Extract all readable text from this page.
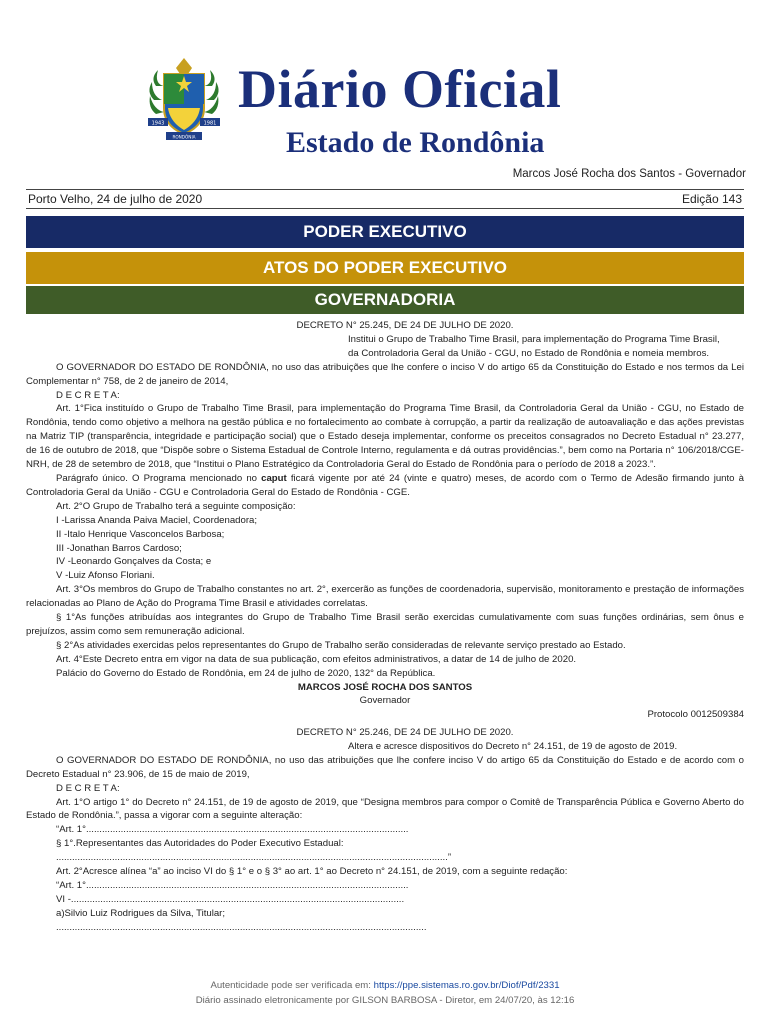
1943	1981
RONDÔNIA
Diário Oficial
Estado de Rondônia
Marcos José Rocha dos Santos - Governador
Porto Velho, 24 de julho de 2020	Edição 143
PODER EXECUTIVO
ATOS DO PODER EXECUTIVO
GOVERNADORIA

DECRETO N° 25.245, DE 24 DE JULHO DE 2020.

Institui o Grupo de Trabalho Time Brasil, para implementação do Programa Time Brasil,

da Controladoria Geral da União - CGU, no Estado de Rondônia e nomeia membros.

O GOVERNADOR DO ESTADO DE RONDÔNIA, no uso das atribuições que lhe confere o inciso V do artigo 65 da Constituição do Estado e nos termos da Lei Complementar n° 758, de 2 de janeiro de 2014,

D E C R E T A:

Art. 1°Fica instituído o Grupo de Trabalho Time Brasil, para implementação do Programa Time Brasil, da Controladoria Geral da União - CGU, no Estado de Rondônia, tendo como objetivo a melhora na gestão pública e no fortalecimento ao combate à corrupção, a partir da realização de autoavaliação e das ações previstas na Matriz TIP (transparência, integridade e participação social) que o Estado deseja implementar, conforme os preceitos consagrados no Decreto Estadual n° 23.277, de 16 de outubro de 2018, que “Dispõe sobre o Sistema Estadual de Controle Interno, regulamenta e dá outras providências.”, bem como na Portaria n° 106/2018/CGE-NRH, de 28 de setembro de 2018, que “Institui o Plano Estratégico da Controladoria Geral do Estado de Rondônia para o período de 2018 a 2023.”.

Parágrafo único. O Programa mencionado no caput ficará vigente por até 24 (vinte e quatro) meses, de acordo com o Termo de Adesão firmando junto à Controladoria Geral da União - CGU e Controladoria Geral do Estado de Rondônia - CGE.

Art. 2°O Grupo de Trabalho terá a seguinte composição:

I -Larissa Ananda Paiva Maciel, Coordenadora;

II -Italo Henrique Vasconcelos Barbosa;

III -Jonathan Barros Cardoso;

IV -Leonardo Gonçalves da Costa; e

V -Luiz Afonso Floriani.

Art. 3°Os membros do Grupo de Trabalho constantes no art. 2°, exercerão as funções de coordenadoria, supervisão, monitoramento e prestação de informações relacionadas ao Plano de Ação do Programa Time Brasil e atividades correlatas.

§ 1°As funções atribuídas aos integrantes do Grupo de Trabalho Time Brasil serão exercidas cumulativamente com suas funções ordinárias, sem ônus e prejuízos, assim como sem remuneração adicional.

§ 2°As atividades exercidas pelos representantes do Grupo de Trabalho serão consideradas de relevante serviço prestado ao Estado.

Art. 4°Este Decreto entra em vigor na data de sua publicação, com efeitos administrativos, a datar de 14 de julho de 2020.

Palácio do Governo do Estado de Rondônia, em 24 de julho de 2020, 132° da República.

MARCOS JOSÉ ROCHA DOS SANTOS

Governador

Protocolo 0012509384

DECRETO N° 25.246, DE 24 DE JULHO DE 2020.

Altera e acresce dispositivos do Decreto n° 24.151, de 19 de agosto de 2019.

O GOVERNADOR DO ESTADO DE RONDÔNIA, no uso das atribuições que lhe confere inciso V do artigo 65 da Constituição do Estado e de acordo com o Decreto Estadual n° 23.906, de 15 de maio de 2019,

D E C R E T A:

Art. 1°O artigo 1° do Decreto n° 24.151, de 19 de agosto de 2019, que “Designa membros para compor o Comitê de Transparência Pública e Governo Aberto do Estado de Rondônia.”, passa a vigorar com a seguinte alteração:

“Art. 1°.........................................................................................................................

§ 1°.Representantes das Autoridades do Poder Executivo Estadual:

...................................................................................................................................................”

Art. 2°Acresce alínea “a” ao inciso VI do § 1° e o § 3° ao art. 1° ao Decreto n° 24.151, de 2019, com a seguinte redação:

“Art. 1°.........................................................................................................................

VI -.............................................................................................................................

a)Silvio Luiz Rodrigues da Silva, Titular;

...........................................................................................................................................

Autenticidade pode ser verificada em: https://ppe.sistemas.ro.gov.br/Diof/Pdf/2331
Diário assinado eletronicamente por GILSON BARBOSA - Diretor, em 24/07/20, às 12:16
